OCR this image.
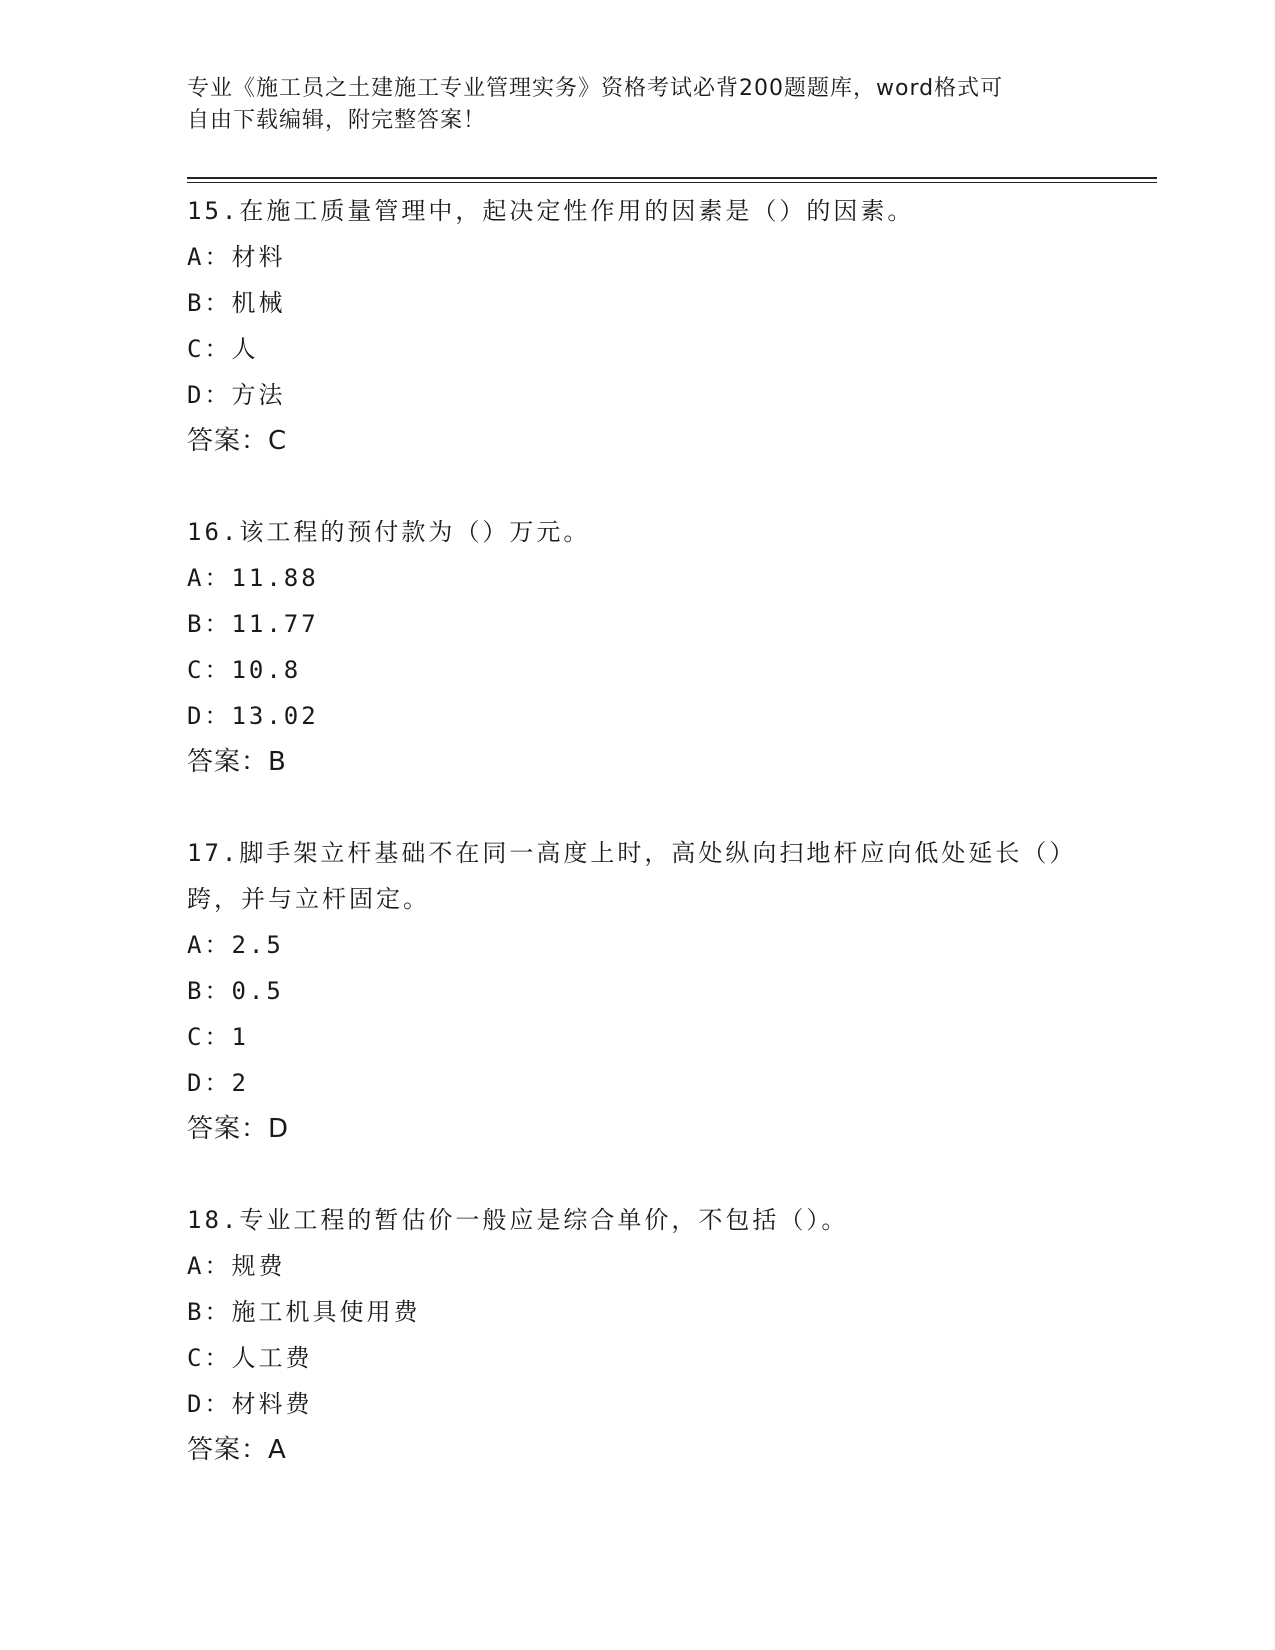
专业《施工员之土建施工专业管理实务》资格考试必背200题题库，word格式可
自由下载编辑，附完整答案！
15.在施工质量管理中，起决定性作用的因素是（）的因素。
A：材料
B：机械
C：人
D：方法
答案：C
16.该工程的预付款为（）万元。
A：11.88
B：11.77
C：10.8
D：13.02
答案：B
17.脚手架立杆基础不在同一高度上时，高处纵向扫地杆应向低处延长（）跨，并与立杆固定。
A：2.5
B：0.5
C：1
D：2
答案：D
18.专业工程的暂估价一般应是综合单价，不包括（）。
A：规费
B：施工机具使用费
C：人工费
D：材料费
答案：A
